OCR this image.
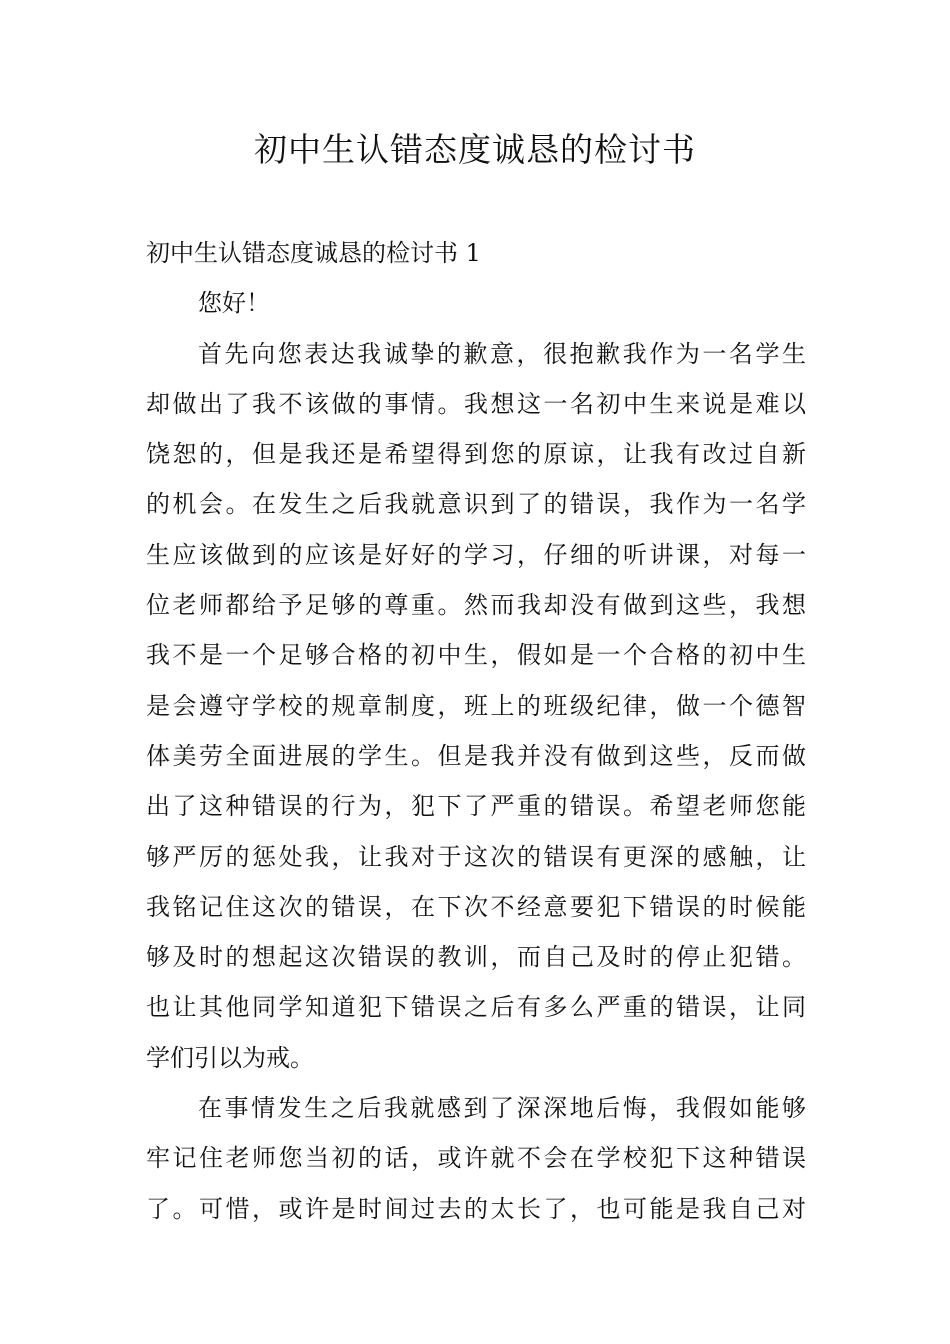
初中生认错态度诚恳的检讨书
初中生认错态度诚恳的检讨书 1
您好！
首先向您表达我诚挚的歉意，很抱歉我作为一名学生
却做出了我不该做的事情。我想这一名初中生来说是难以
饶恕的，但是我还是希望得到您的原谅，让我有改过自新
的机会。在发生之后我就意识到了的错误，我作为一名学
生应该做到的应该是好好的学习，仔细的听讲课，对每一
位老师都给予足够的尊重。然而我却没有做到这些，我想
我不是一个足够合格的初中生，假如是一个合格的初中生
是会遵守学校的规章制度，班上的班级纪律，做一个德智
体美劳全面进展的学生。但是我并没有做到这些，反而做
出了这种错误的行为，犯下了严重的错误。希望老师您能
够严厉的惩处我，让我对于这次的错误有更深的感触，让
我铭记住这次的错误，在下次不经意要犯下错误的时候能
够及时的想起这次错误的教训，而自己及时的停止犯错。
也让其他同学知道犯下错误之后有多么严重的错误，让同
学们引以为戒。
在事情发生之后我就感到了深深地后悔，我假如能够
牢记住老师您当初的话，或许就不会在学校犯下这种错误
了。可惜，或许是时间过去的太长了，也可能是我自己对
